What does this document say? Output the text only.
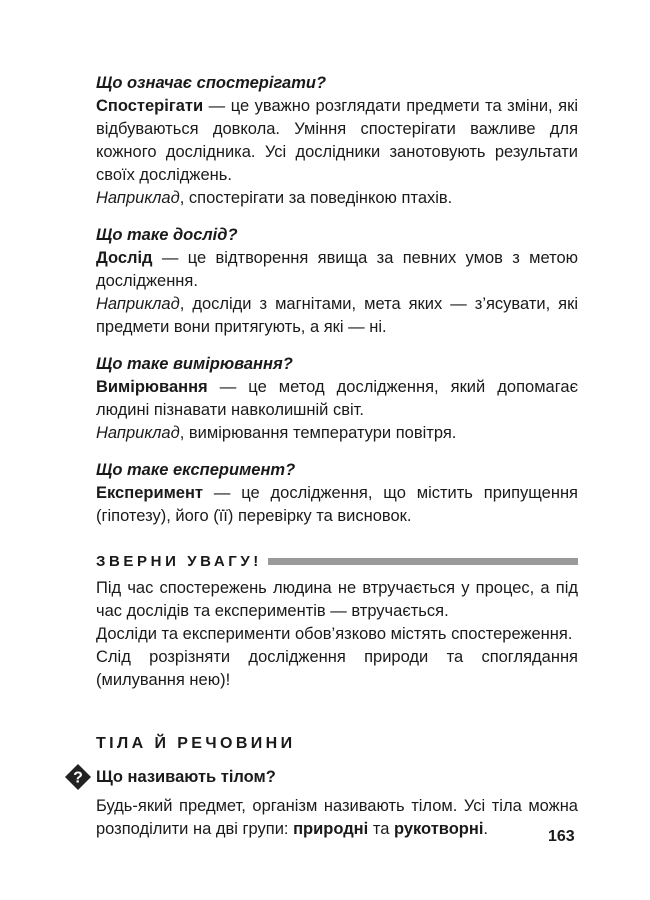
Що означає спостерігати?

Спостерігати — це уважно розглядати предмети та зміни, які відбуваються довкола. Уміння спостерігати важливе для кожного дослідника. Усі дослідники занотовують результати своїх досліджень.

Наприклад, спостерігати за поведінкою птахів.

Що таке дослід?

Дослід — це відтворення явища за певних умов з метою дослідження.

Наприклад, досліди з магнітами, мета яких — з’ясувати, які предмети вони притягують, а які — ні.

Що таке вимірювання?

Вимірювання — це метод дослідження, який допомагає людині пізнавати навколишній світ.

Наприклад, вимірювання температури повітря.

Що таке експеримент?

Експеримент — це дослідження, що містить припущення (гіпотезу), його (її) перевірку та висновок.

ЗВЕРНИ УВАГУ!

Під час спостережень людина не втручається у процес, а під час дослідів та експериментів — втручається.

Досліди та експерименти обов’язково містять спостереження.

Слід розрізняти дослідження природи та споглядання (милування нею)!

ТІЛА Й РЕЧОВИНИ
? Що називають тілом?

Будь-який предмет, організм називають тілом. Усі тіла можна розподілити на дві групи: природні та рукотворні.	163
